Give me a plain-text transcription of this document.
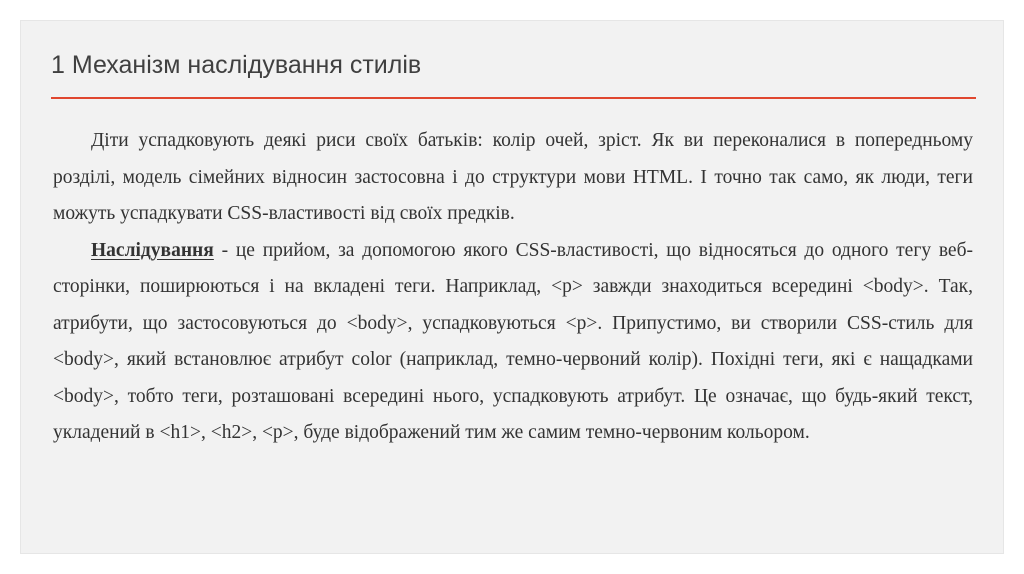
1 Механізм наслідування стилів

Діти успадковують деякі риси своїх батьків: колір очей, зріст. Як ви переконалися в попередньому розділі, модель сімейних відносин застосовна і до структури мови HTML. І точно так само, як люди, теги можуть успадкувати CSS-властивості від своїх предків.

Наслідування - це прийом, за допомогою якого CSS-властивості, що відносяться до одного тегу веб-сторінки, поширюються і на вкладені теги. Наприклад, <p> завжди знаходиться всередині <body>. Так, атрибути, що застосовуються до <body>, успадковуються <p>. Припустимо, ви створили CSS-стиль для <body>, який встановлює атрибут color (наприклад, темно-червоний колір). Похідні теги, які є нащадками <body>, тобто теги, розташовані всередині нього, успадковують атрибут. Це означає, що будь-який текст, укладений в <h1>, <h2>, <p>, буде відображений тим же самим темно-червоним кольором.
